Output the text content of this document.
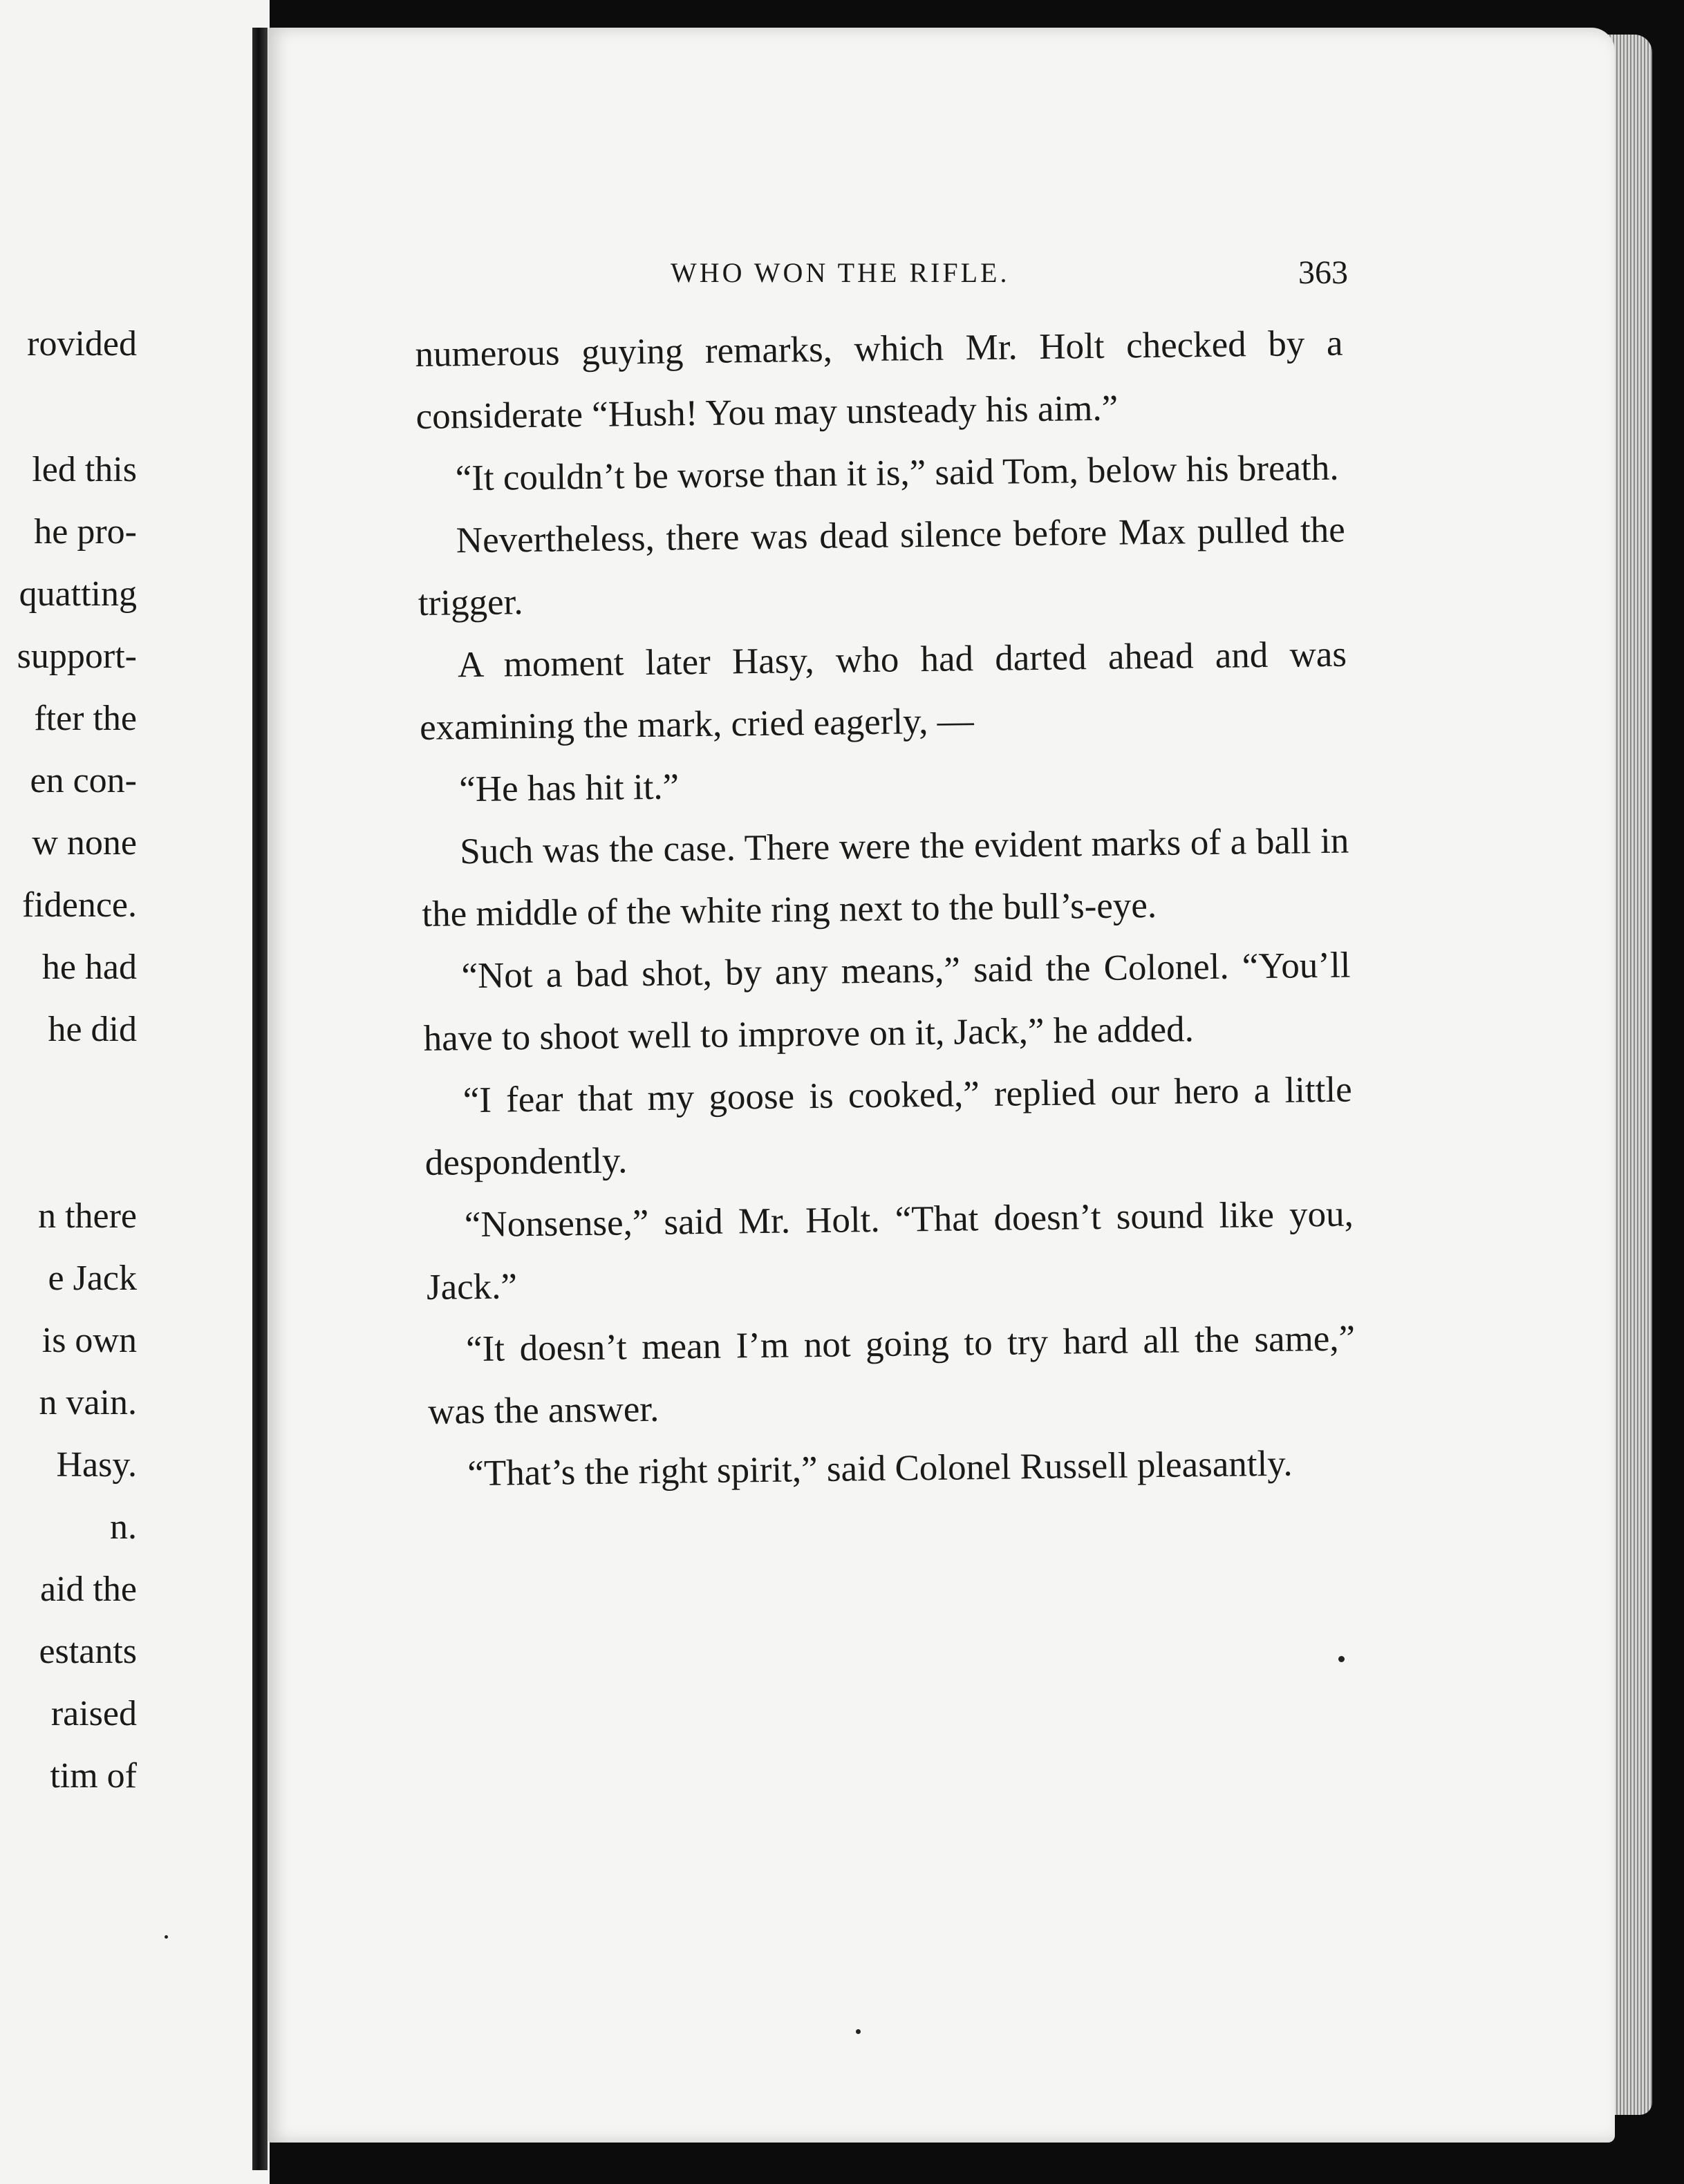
rovided
led this
he pro-
quatting
support-
fter the
en con-
w none
fidence.
he had
he did
n there
e Jack
is own
n vain.
Hasy.
n.
aid the
estants
raised
tim of
WHO WON THE RIFLE.	363

numerous guying remarks, which Mr. Holt checked by a considerate “Hush! You may unsteady his aim.”

“It couldn’t be worse than it is,” said Tom, below his breath.

Nevertheless, there was dead silence before Max pulled the trigger.

A moment later Hasy, who had darted ahead and was examining the mark, cried eagerly, —

“He has hit it.”

Such was the case. There were the evident marks of a ball in the middle of the white ring next to the bull’s-eye.

“Not a bad shot, by any means,” said the Colonel. “You’ll have to shoot well to improve on it, Jack,” he added.

“I fear that my goose is cooked,” replied our hero a little despondently.

“Nonsense,” said Mr. Holt. “That doesn’t sound like you, Jack.”

“It doesn’t mean I’m not going to try hard all the same,” was the answer.

“That’s the right spirit,” said Colonel Russell pleasantly.
